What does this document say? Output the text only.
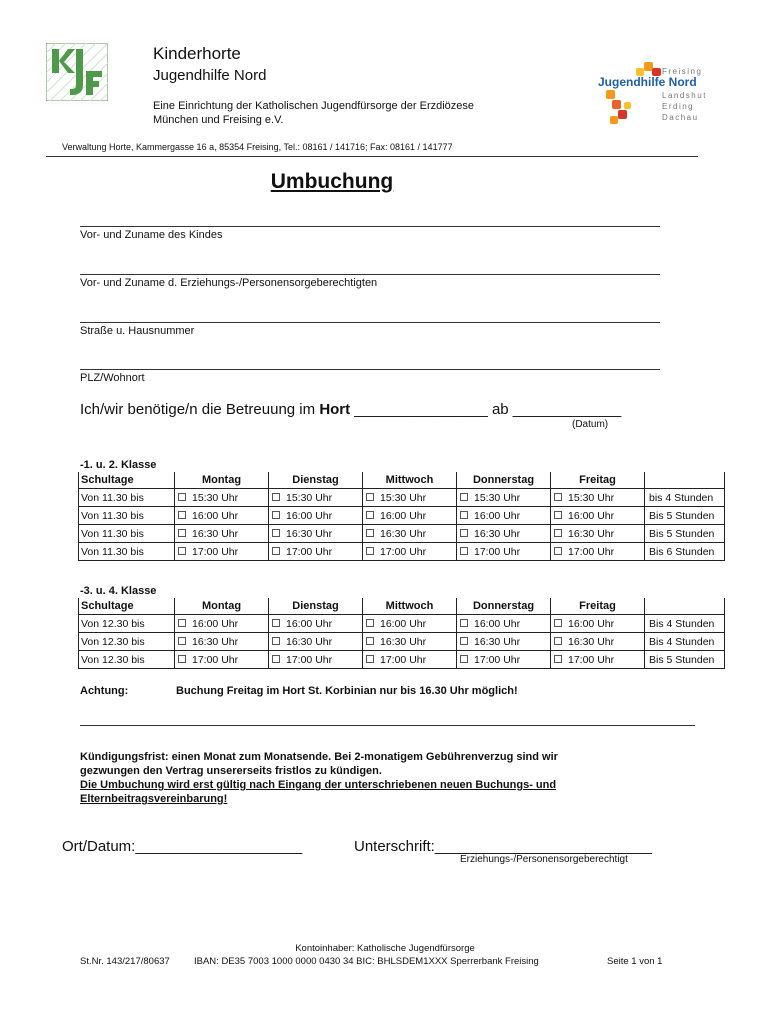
Kinderhorte
Jugendhilfe Nord
Eine Einrichtung der Katholischen Jugendfürsorge der Erzdiözese
München und Freising e.V.
Jugendhilfe Nord
Freising
Landshut
Erding
Dachau
Verwaltung Horte, Kammergasse 16 a, 85354 Freising, Tel.: 08161 / 141716; Fax: 08161 / 141777
Umbuchung
Vor- und Zuname des Kindes
Vor- und Zuname d. Erziehungs-/Personensorgeberechtigten
Straße u. Hausnummer
PLZ/Wohnort
Ich/wir benötige/n die Betreuung im Hort ________________ ab _____________
(Datum)
-1. u. 2. Klasse
Schultage	Montag	Dienstag	Mittwoch	Donnerstag	Freitag	
Von 11.30 bis	15:30 Uhr	15:30 Uhr	15:30 Uhr	15:30 Uhr	15:30 Uhr	bis 4 Stunden
Von 11.30 bis	16:00 Uhr	16:00 Uhr	16:00 Uhr	16:00 Uhr	16:00 Uhr	Bis 5 Stunden
Von 11.30 bis	16:30 Uhr	16:30 Uhr	16:30 Uhr	16:30 Uhr	16:30 Uhr	Bis 5 Stunden
Von 11.30 bis	17:00 Uhr	17:00 Uhr	17:00 Uhr	17:00 Uhr	17:00 Uhr	Bis 6 Stunden
-3. u. 4. Klasse
Schultage	Montag	Dienstag	Mittwoch	Donnerstag	Freitag	
Von 12.30 bis	16:00 Uhr	16:00 Uhr	16:00 Uhr	16:00 Uhr	16:00 Uhr	Bis 4 Stunden
Von 12.30 bis	16:30 Uhr	16:30 Uhr	16:30 Uhr	16:30 Uhr	16:30 Uhr	Bis 4 Stunden
Von 12.30 bis	17:00 Uhr	17:00 Uhr	17:00 Uhr	17:00 Uhr	17:00 Uhr	Bis 5 Stunden
Achtung:	Buchung Freitag im Hort St. Korbinian nur bis 16.30 Uhr möglich!
Kündigungsfrist: einen Monat zum Monatsende. Bei 2-monatigem Gebührenverzug sind wir
gezwungen den Vertrag unsererseits fristlos zu kündigen.
Die Umbuchung wird erst gültig nach Eingang der unterschriebenen neuen Buchungs- und
Elternbeitragsvereinbarung!
Ort/Datum:____________________	Unterschrift:__________________________
Erziehungs-/Personensorgeberechtigt
Kontoinhaber: Katholische Jugendfürsorge
St.Nr. 143/217/80637	IBAN: DE35 7003 1000 0000 0430 34 BIC: BHLSDEM1XXX Sperrerbank Freising	Seite 1 von 1
